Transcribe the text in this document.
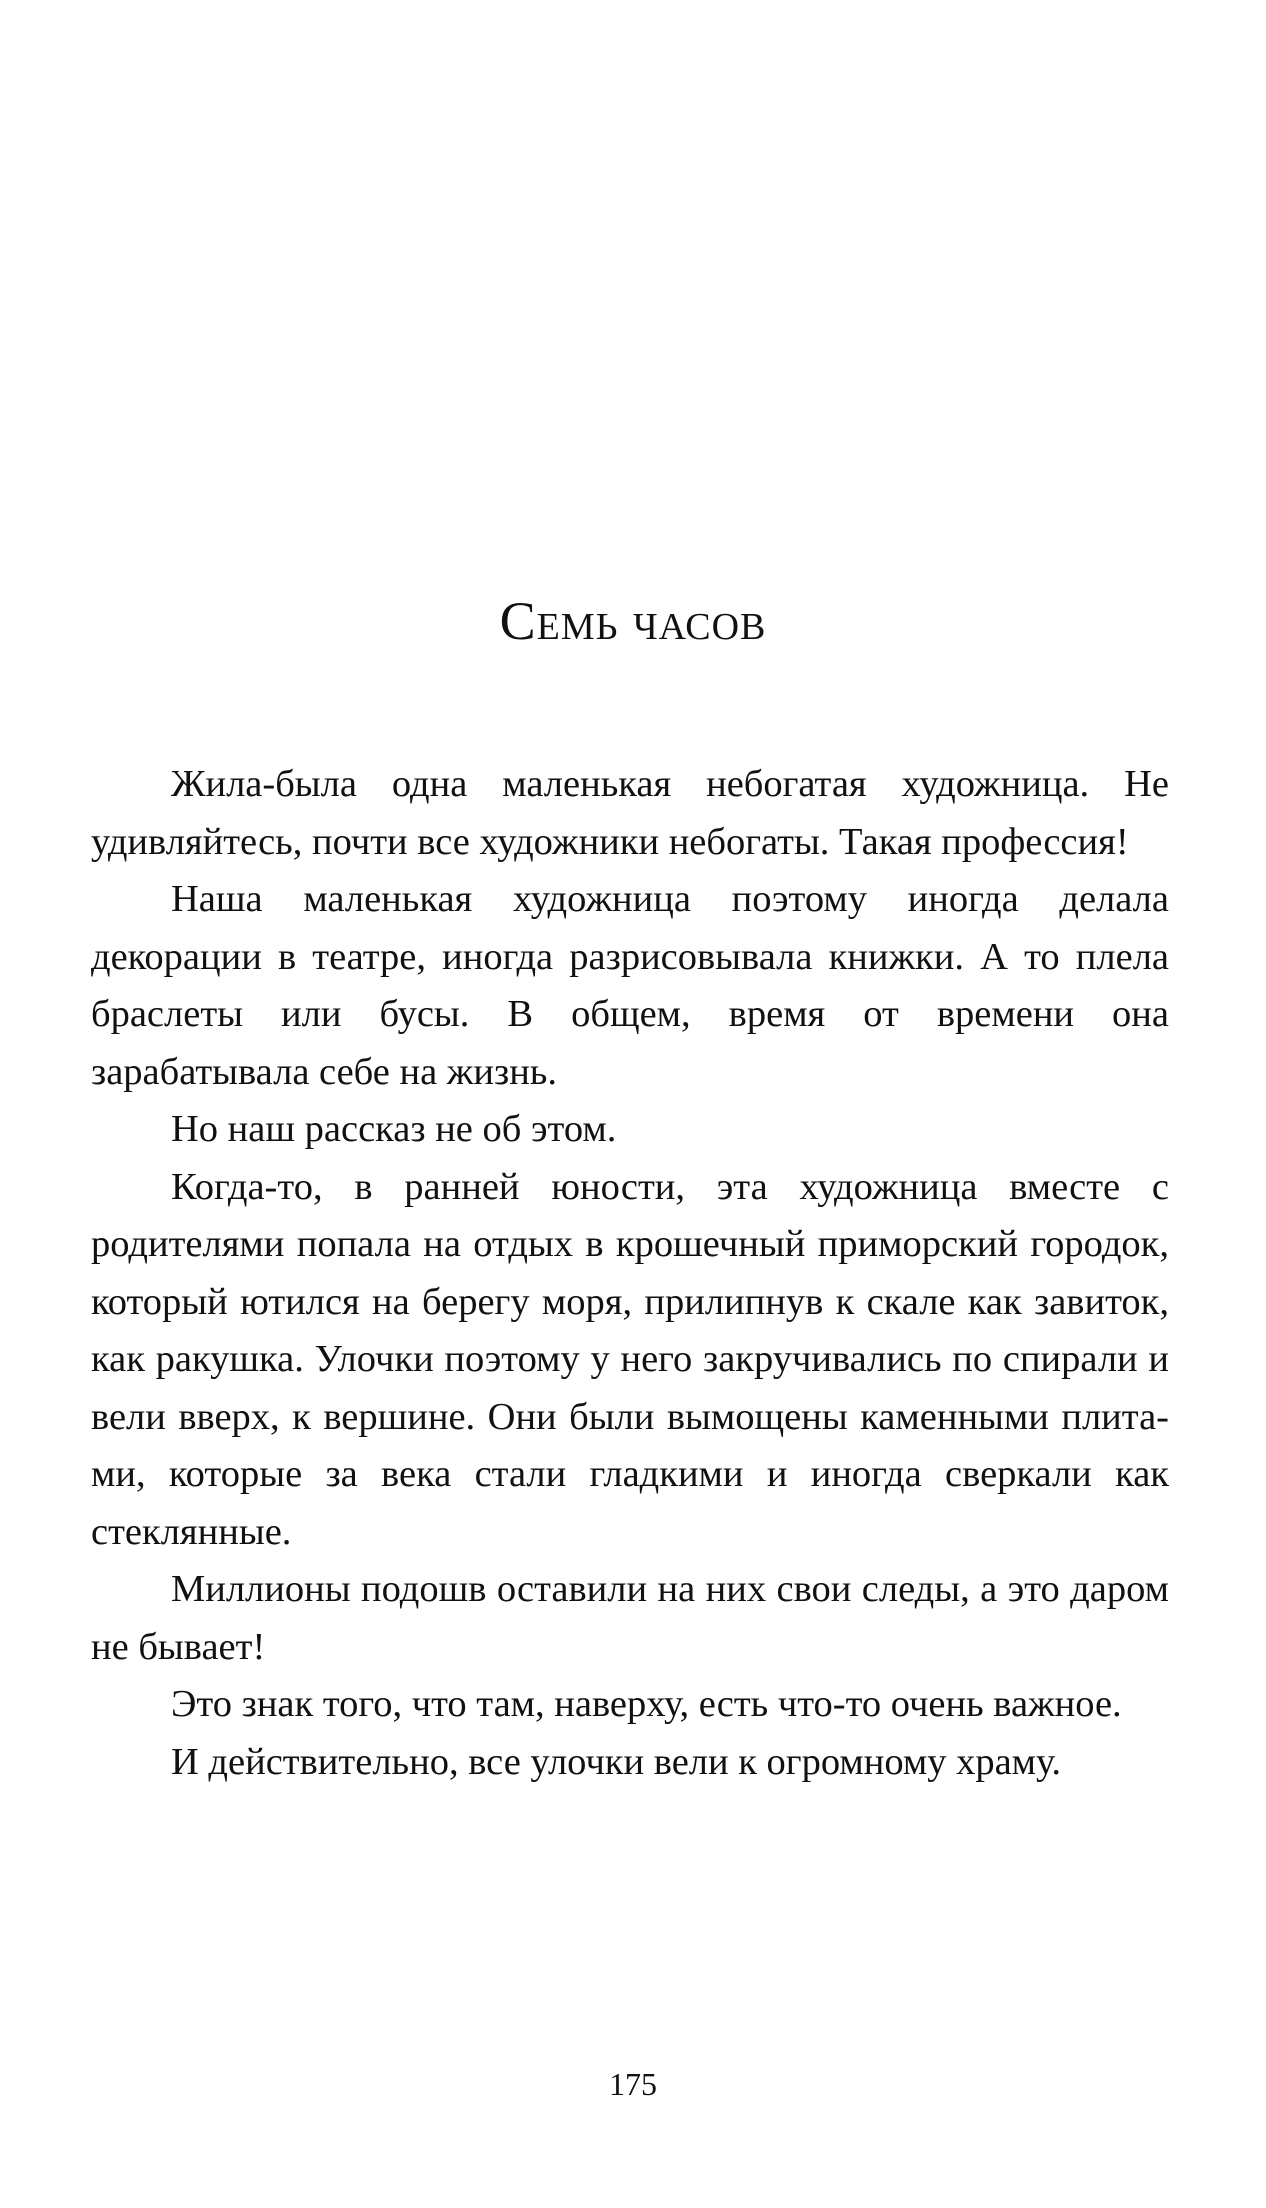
Семь часов

Жила-была одна маленькая небогатая художница. Не удивляйтесь, почти все художники небогаты. Такая профессия!

Наша маленькая художница поэтому иногда делала декорации в театре, иногда разрисовывала книжки. А то плела браслеты или бусы. В общем, время от времени она зарабатывала себе на жизнь.

Но наш рассказ не об этом.

Когда-то, в ранней юности, эта художница вместе с родителями попала на отдых в крошечный приморский городок, который ютился на берегу моря, прилипнув к скале как завиток, как ракушка. Улочки поэтому у него закручивались по спирали и вели вверх, к вершине. Они были вымощены каменными плитами, которые за века стали гладкими и иногда сверкали как стеклянные.

Миллионы подошв оставили на них свои следы, а это даром не бывает!

Это знак того, что там, наверху, есть что-то очень важное.

И действительно, все улочки вели к огромному храму.

175
